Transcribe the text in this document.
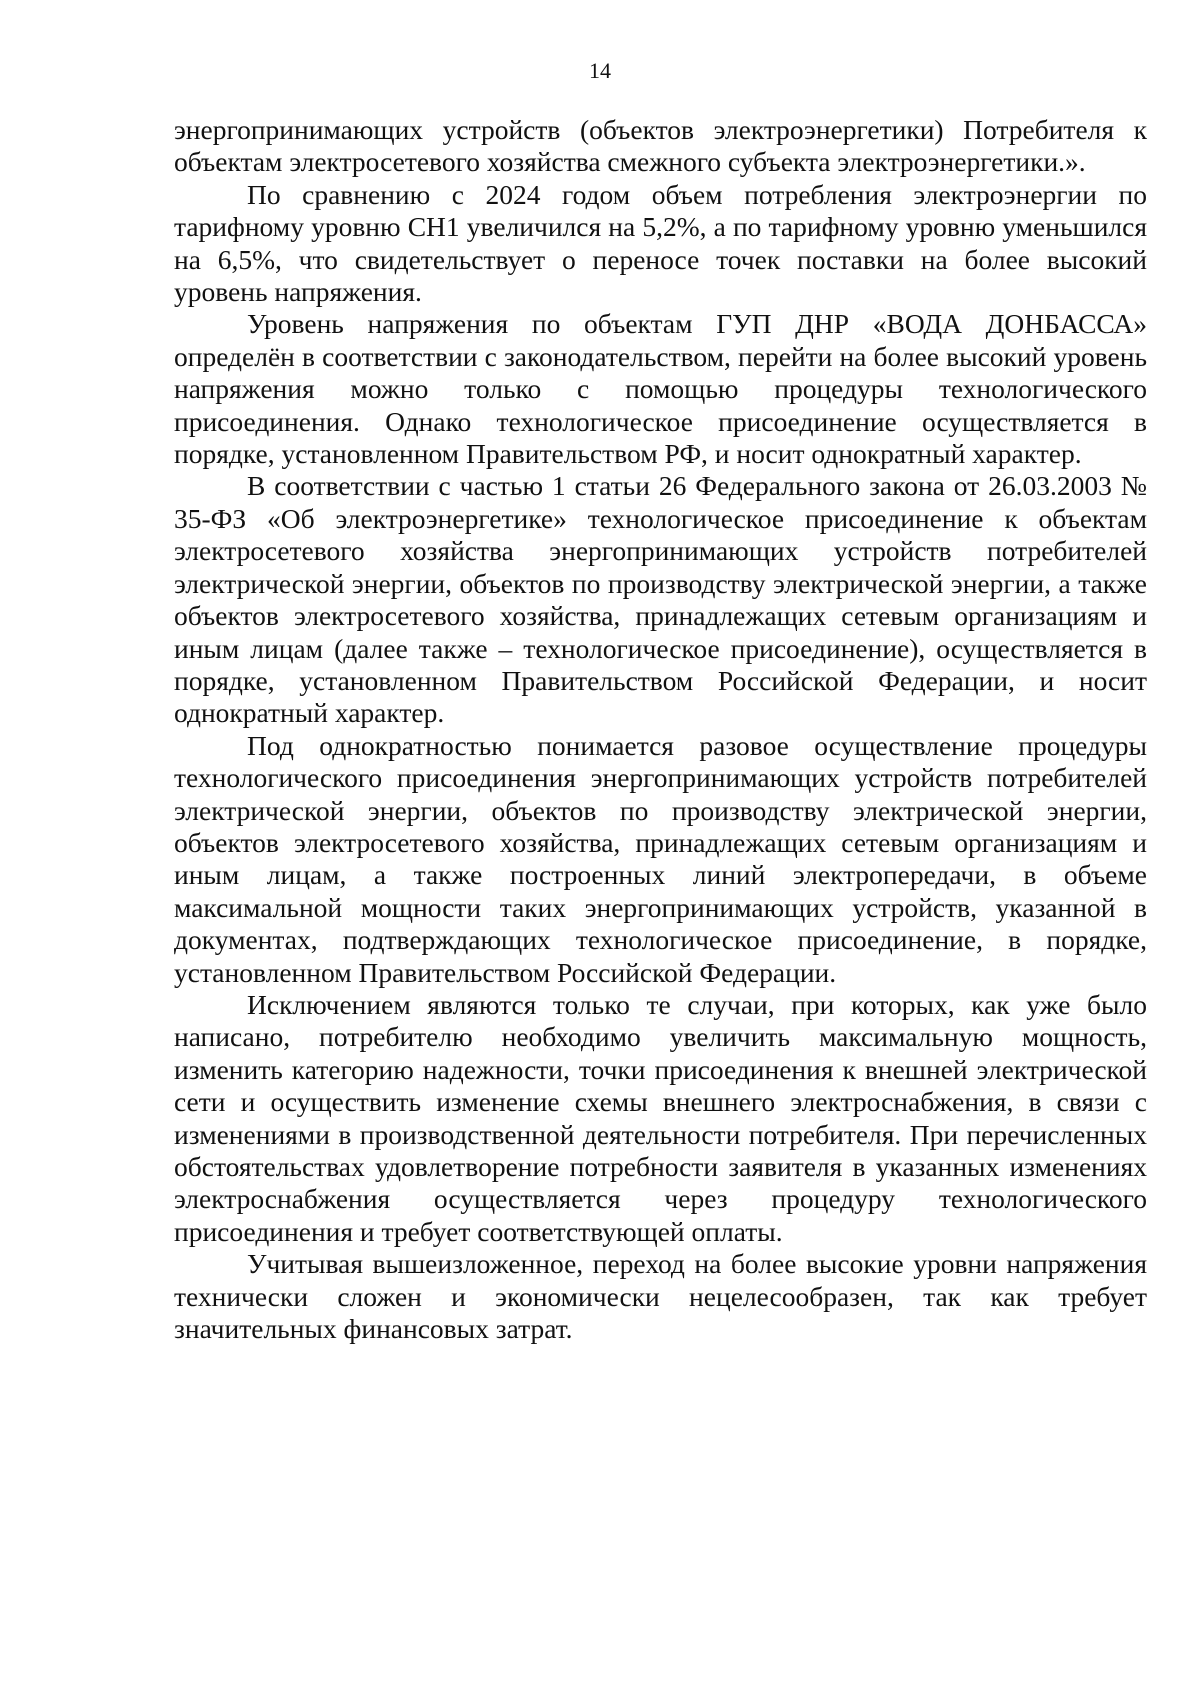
14

энергопринимающих устройств (объектов электроэнергетики) Потребителя к объектам электросетевого хозяйства смежного субъекта электроэнергетики.».

По сравнению с 2024 годом объем потребления электроэнергии по тарифному уровню СН1 увеличился на 5,2%, а по тарифному уровню уменьшился на 6,5%, что свидетельствует о переносе точек поставки на более высокий уровень напряжения.

Уровень напряжения по объектам ГУП ДНР «ВОДА ДОНБАССА» определён в соответствии с законодательством, перейти на более высокий уровень напряжения можно только с помощью процедуры технологического присоединения. Однако технологическое присоединение осуществляется в порядке, установленном Правительством РФ, и носит однократный характер.

В соответствии с частью 1 статьи 26 Федерального закона от 26.03.2003 № 35-ФЗ «Об электроэнергетике» технологическое присоединение к объектам электросетевого хозяйства энергопринимающих устройств потребителей электрической энергии, объектов по производству электрической энергии, а также объектов электросетевого хозяйства, принадлежащих сетевым организациям и иным лицам (далее также – технологическое присоединение), осуществляется в порядке, установленном Правительством Российской Федерации, и носит однократный характер.

Под однократностью понимается разовое осуществление процедуры технологического присоединения энергопринимающих устройств потребителей электрической энергии, объектов по производству электрической энергии, объектов электросетевого хозяйства, принадлежащих сетевым организациям и иным лицам, а также построенных линий электропередачи, в объеме максимальной мощности таких энергопринимающих устройств, указанной в документах, подтверждающих технологическое присоединение, в порядке, установленном Правительством Российской Федерации.

Исключением являются только те случаи, при которых, как уже было написано, потребителю необходимо увеличить максимальную мощность, изменить категорию надежности, точки присоединения к внешней электрической сети и осуществить изменение схемы внешнего электроснабжения, в связи с изменениями в производственной деятельности потребителя. При перечисленных обстоятельствах удовлетворение потребности заявителя в указанных изменениях электроснабжения осуществляется через процедуру технологического присоединения и требует соответствующей оплаты.

Учитывая вышеизложенное, переход на более высокие уровни напряжения технически сложен и экономически нецелесообразен, так как требует значительных финансовых затрат.
